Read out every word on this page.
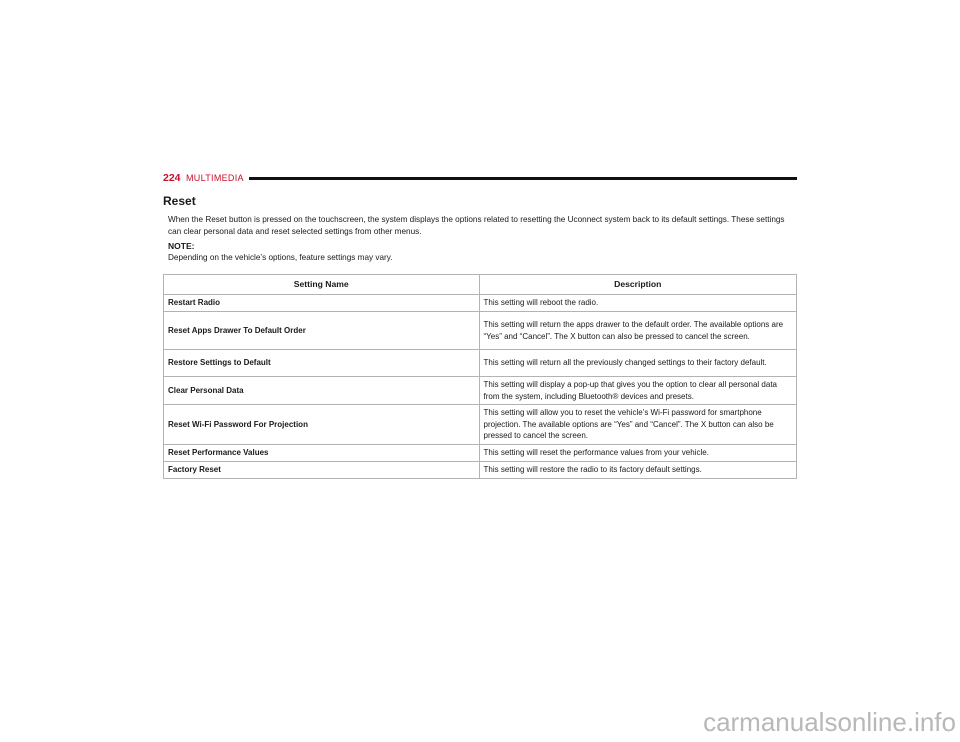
224 MULTIMEDIA
Reset
When the Reset button is pressed on the touchscreen, the system displays the options related to resetting the Uconnect system back to its default settings. These settings can clear personal data and reset selected settings from other menus.
NOTE:
Depending on the vehicle’s options, feature settings may vary.
Setting Name	Description
Restart Radio	This setting will reboot the radio.
Reset Apps Drawer To Default Order	This setting will return the apps drawer to the default order. The available options are “Yes” and “Cancel”. The X button can also be pressed to cancel the screen.
Restore Settings to Default	This setting will return all the previously changed settings to their factory default.
Clear Personal Data	This setting will display a pop-up that gives you the option to clear all personal data from the system, including Bluetooth® devices and presets.
Reset Wi-Fi Password For Projection	This setting will allow you to reset the vehicle’s Wi-Fi password for smartphone projection. The available options are “Yes” and “Cancel”. The X button can also be pressed to cancel the screen.
Reset Performance Values	This setting will reset the performance values from your vehicle.
Factory Reset	This setting will restore the radio to its factory default settings.
carmanualsonline.info
